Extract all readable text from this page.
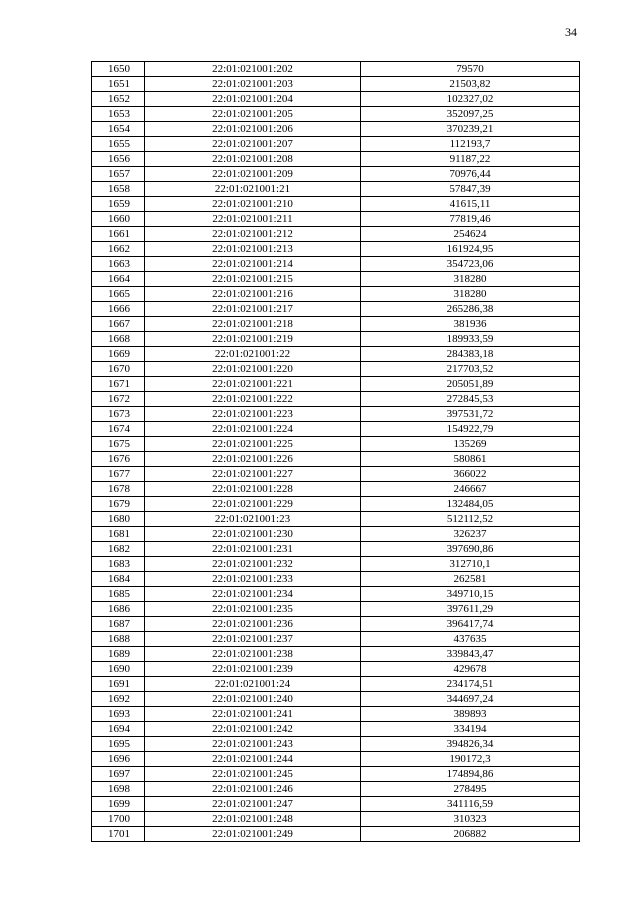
34
1650	22:01:021001:202	79570
1651	22:01:021001:203	21503,82
1652	22:01:021001:204	102327,02
1653	22:01:021001:205	352097,25
1654	22:01:021001:206	370239,21
1655	22:01:021001:207	112193,7
1656	22:01:021001:208	91187,22
1657	22:01:021001:209	70976,44
1658	22:01:021001:21	57847,39
1659	22:01:021001:210	41615,11
1660	22:01:021001:211	77819,46
1661	22:01:021001:212	254624
1662	22:01:021001:213	161924,95
1663	22:01:021001:214	354723,06
1664	22:01:021001:215	318280
1665	22:01:021001:216	318280
1666	22:01:021001:217	265286,38
1667	22:01:021001:218	381936
1668	22:01:021001:219	189933,59
1669	22:01:021001:22	284383,18
1670	22:01:021001:220	217703,52
1671	22:01:021001:221	205051,89
1672	22:01:021001:222	272845,53
1673	22:01:021001:223	397531,72
1674	22:01:021001:224	154922,79
1675	22:01:021001:225	135269
1676	22:01:021001:226	580861
1677	22:01:021001:227	366022
1678	22:01:021001:228	246667
1679	22:01:021001:229	132484,05
1680	22:01:021001:23	512112,52
1681	22:01:021001:230	326237
1682	22:01:021001:231	397690,86
1683	22:01:021001:232	312710,1
1684	22:01:021001:233	262581
1685	22:01:021001:234	349710,15
1686	22:01:021001:235	397611,29
1687	22:01:021001:236	396417,74
1688	22:01:021001:237	437635
1689	22:01:021001:238	339843,47
1690	22:01:021001:239	429678
1691	22:01:021001:24	234174,51
1692	22:01:021001:240	344697,24
1693	22:01:021001:241	389893
1694	22:01:021001:242	334194
1695	22:01:021001:243	394826,34
1696	22:01:021001:244	190172,3
1697	22:01:021001:245	174894,86
1698	22:01:021001:246	278495
1699	22:01:021001:247	341116,59
1700	22:01:021001:248	310323
1701	22:01:021001:249	206882
